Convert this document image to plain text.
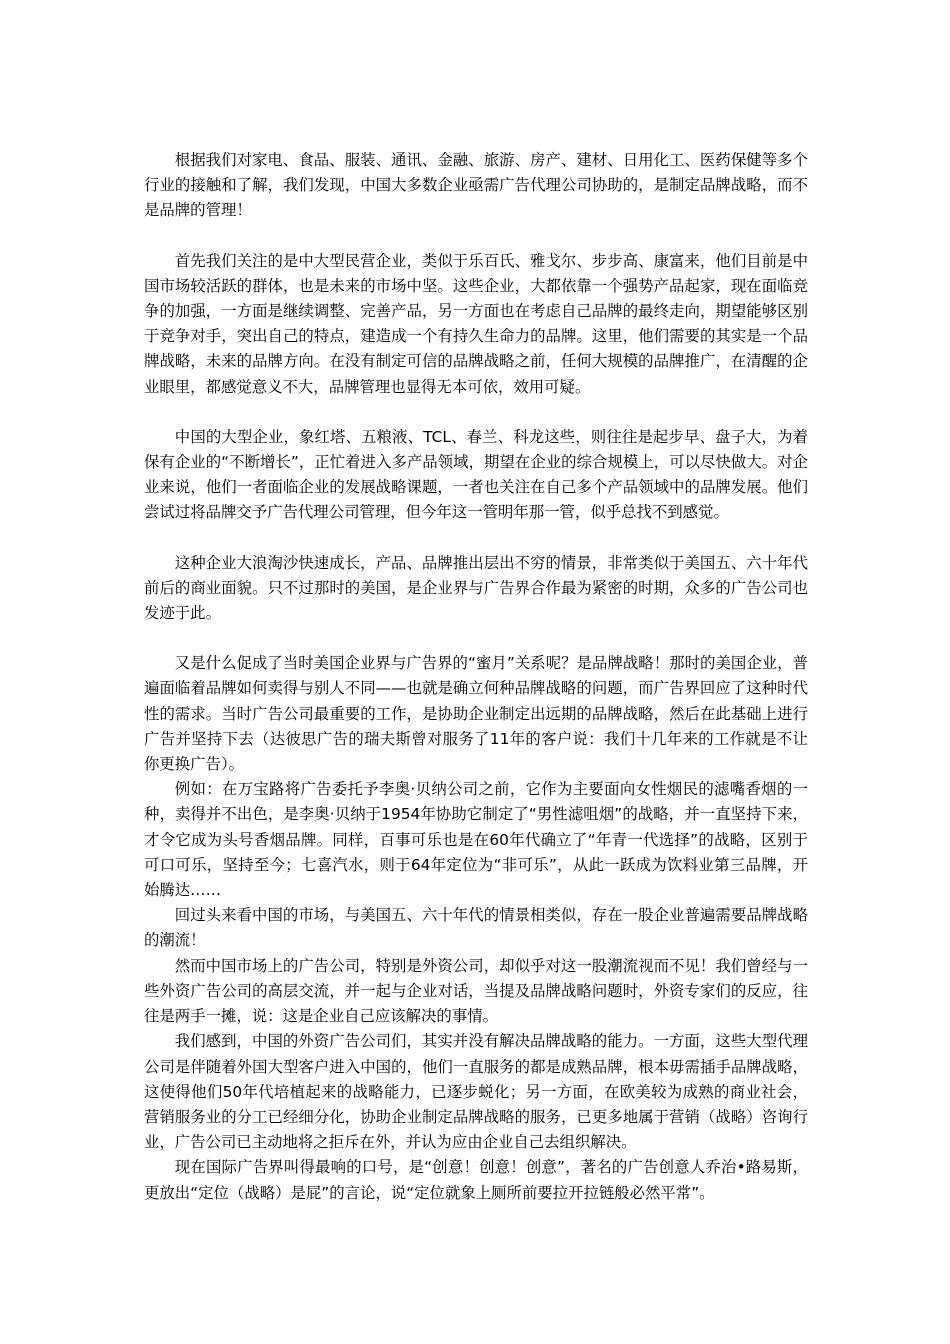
根据我们对家电、食品、服装、通讯、金融、旅游、房产、建材、日用化工、医药保健等多个行业的接触和了解，我们发现，中国大多数企业亟需广告代理公司协助的，是制定品牌战略，而不是品牌的管理！

首先我们关注的是中大型民营企业，类似于乐百氏、雅戈尔、步步高、康富来，他们目前是中国市场较活跃的群体，也是未来的市场中坚。这些企业，大都依靠一个强势产品起家，现在面临竞争的加强，一方面是继续调整、完善产品，另一方面也在考虑自己品牌的最终走向，期望能够区别于竞争对手，突出自己的特点，建造成一个有持久生命力的品牌。这里，他们需要的其实是一个品牌战略，未来的品牌方向。在没有制定可信的品牌战略之前，任何大规模的品牌推广，在清醒的企业眼里，都感觉意义不大，品牌管理也显得无本可依，效用可疑。

中国的大型企业，象红塔、五粮液、TCL、春兰、科龙这些，则往往是起步早、盘子大，为着保有企业的“不断增长”，正忙着进入多产品领域，期望在企业的综合规模上，可以尽快做大。对企业来说，他们一者面临企业的发展战略课题，一者也关注在自己多个产品领域中的品牌发展。他们尝试过将品牌交予广告代理公司管理，但今年这一管明年那一管，似乎总找不到感觉。

这种企业大浪淘沙快速成长，产品、品牌推出层出不穷的情景，非常类似于美国五、六十年代前后的商业面貌。只不过那时的美国，是企业界与广告界合作最为紧密的时期，众多的广告公司也发迹于此。

又是什么促成了当时美国企业界与广告界的“蜜月”关系呢？是品牌战略！那时的美国企业，普遍面临着品牌如何卖得与别人不同——也就是确立何种品牌战略的问题，而广告界回应了这种时代性的需求。当时广告公司最重要的工作，是协助企业制定出远期的品牌战略，然后在此基础上进行广告并坚持下去（达彼思广告的瑞夫斯曾对服务了11年的客户说：我们十几年来的工作就是不让你更换广告）。

例如：在万宝路将广告委托予李奥·贝纳公司之前，它作为主要面向女性烟民的滤嘴香烟的一种，卖得并不出色，是李奥·贝纳于1954年协助它制定了“男性滤咀烟”的战略，并一直坚持下来，才令它成为头号香烟品牌。同样，百事可乐也是在60年代确立了“年青一代选择”的战略，区别于可口可乐，坚持至今；七喜汽水，则于64年定位为“非可乐”，从此一跃成为饮料业第三品牌，开始腾达……

回过头来看中国的市场，与美国五、六十年代的情景相类似，存在一股企业普遍需要品牌战略的潮流！

然而中国市场上的广告公司，特别是外资公司，却似乎对这一股潮流视而不见！我们曾经与一些外资广告公司的高层交流，并一起与企业对话，当提及品牌战略问题时，外资专家们的反应，往往是两手一摊，说：这是企业自己应该解决的事情。

我们感到，中国的外资广告公司们，其实并没有解决品牌战略的能力。一方面，这些大型代理公司是伴随着外国大型客户进入中国的，他们一直服务的都是成熟品牌，根本毋需插手品牌战略，这使得他们50年代培植起来的战略能力，已逐步蜕化；另一方面，在欧美较为成熟的商业社会，营销服务业的分工已经细分化，协助企业制定品牌战略的服务，已更多地属于营销（战略）咨询行业，广告公司已主动地将之拒斥在外，并认为应由企业自己去组织解决。

现在国际广告界叫得最响的口号，是“创意！创意！创意”，著名的广告创意人乔治•路易斯，更放出“定位（战略）是屁”的言论，说“定位就象上厕所前要拉开拉链般必然平常”。
